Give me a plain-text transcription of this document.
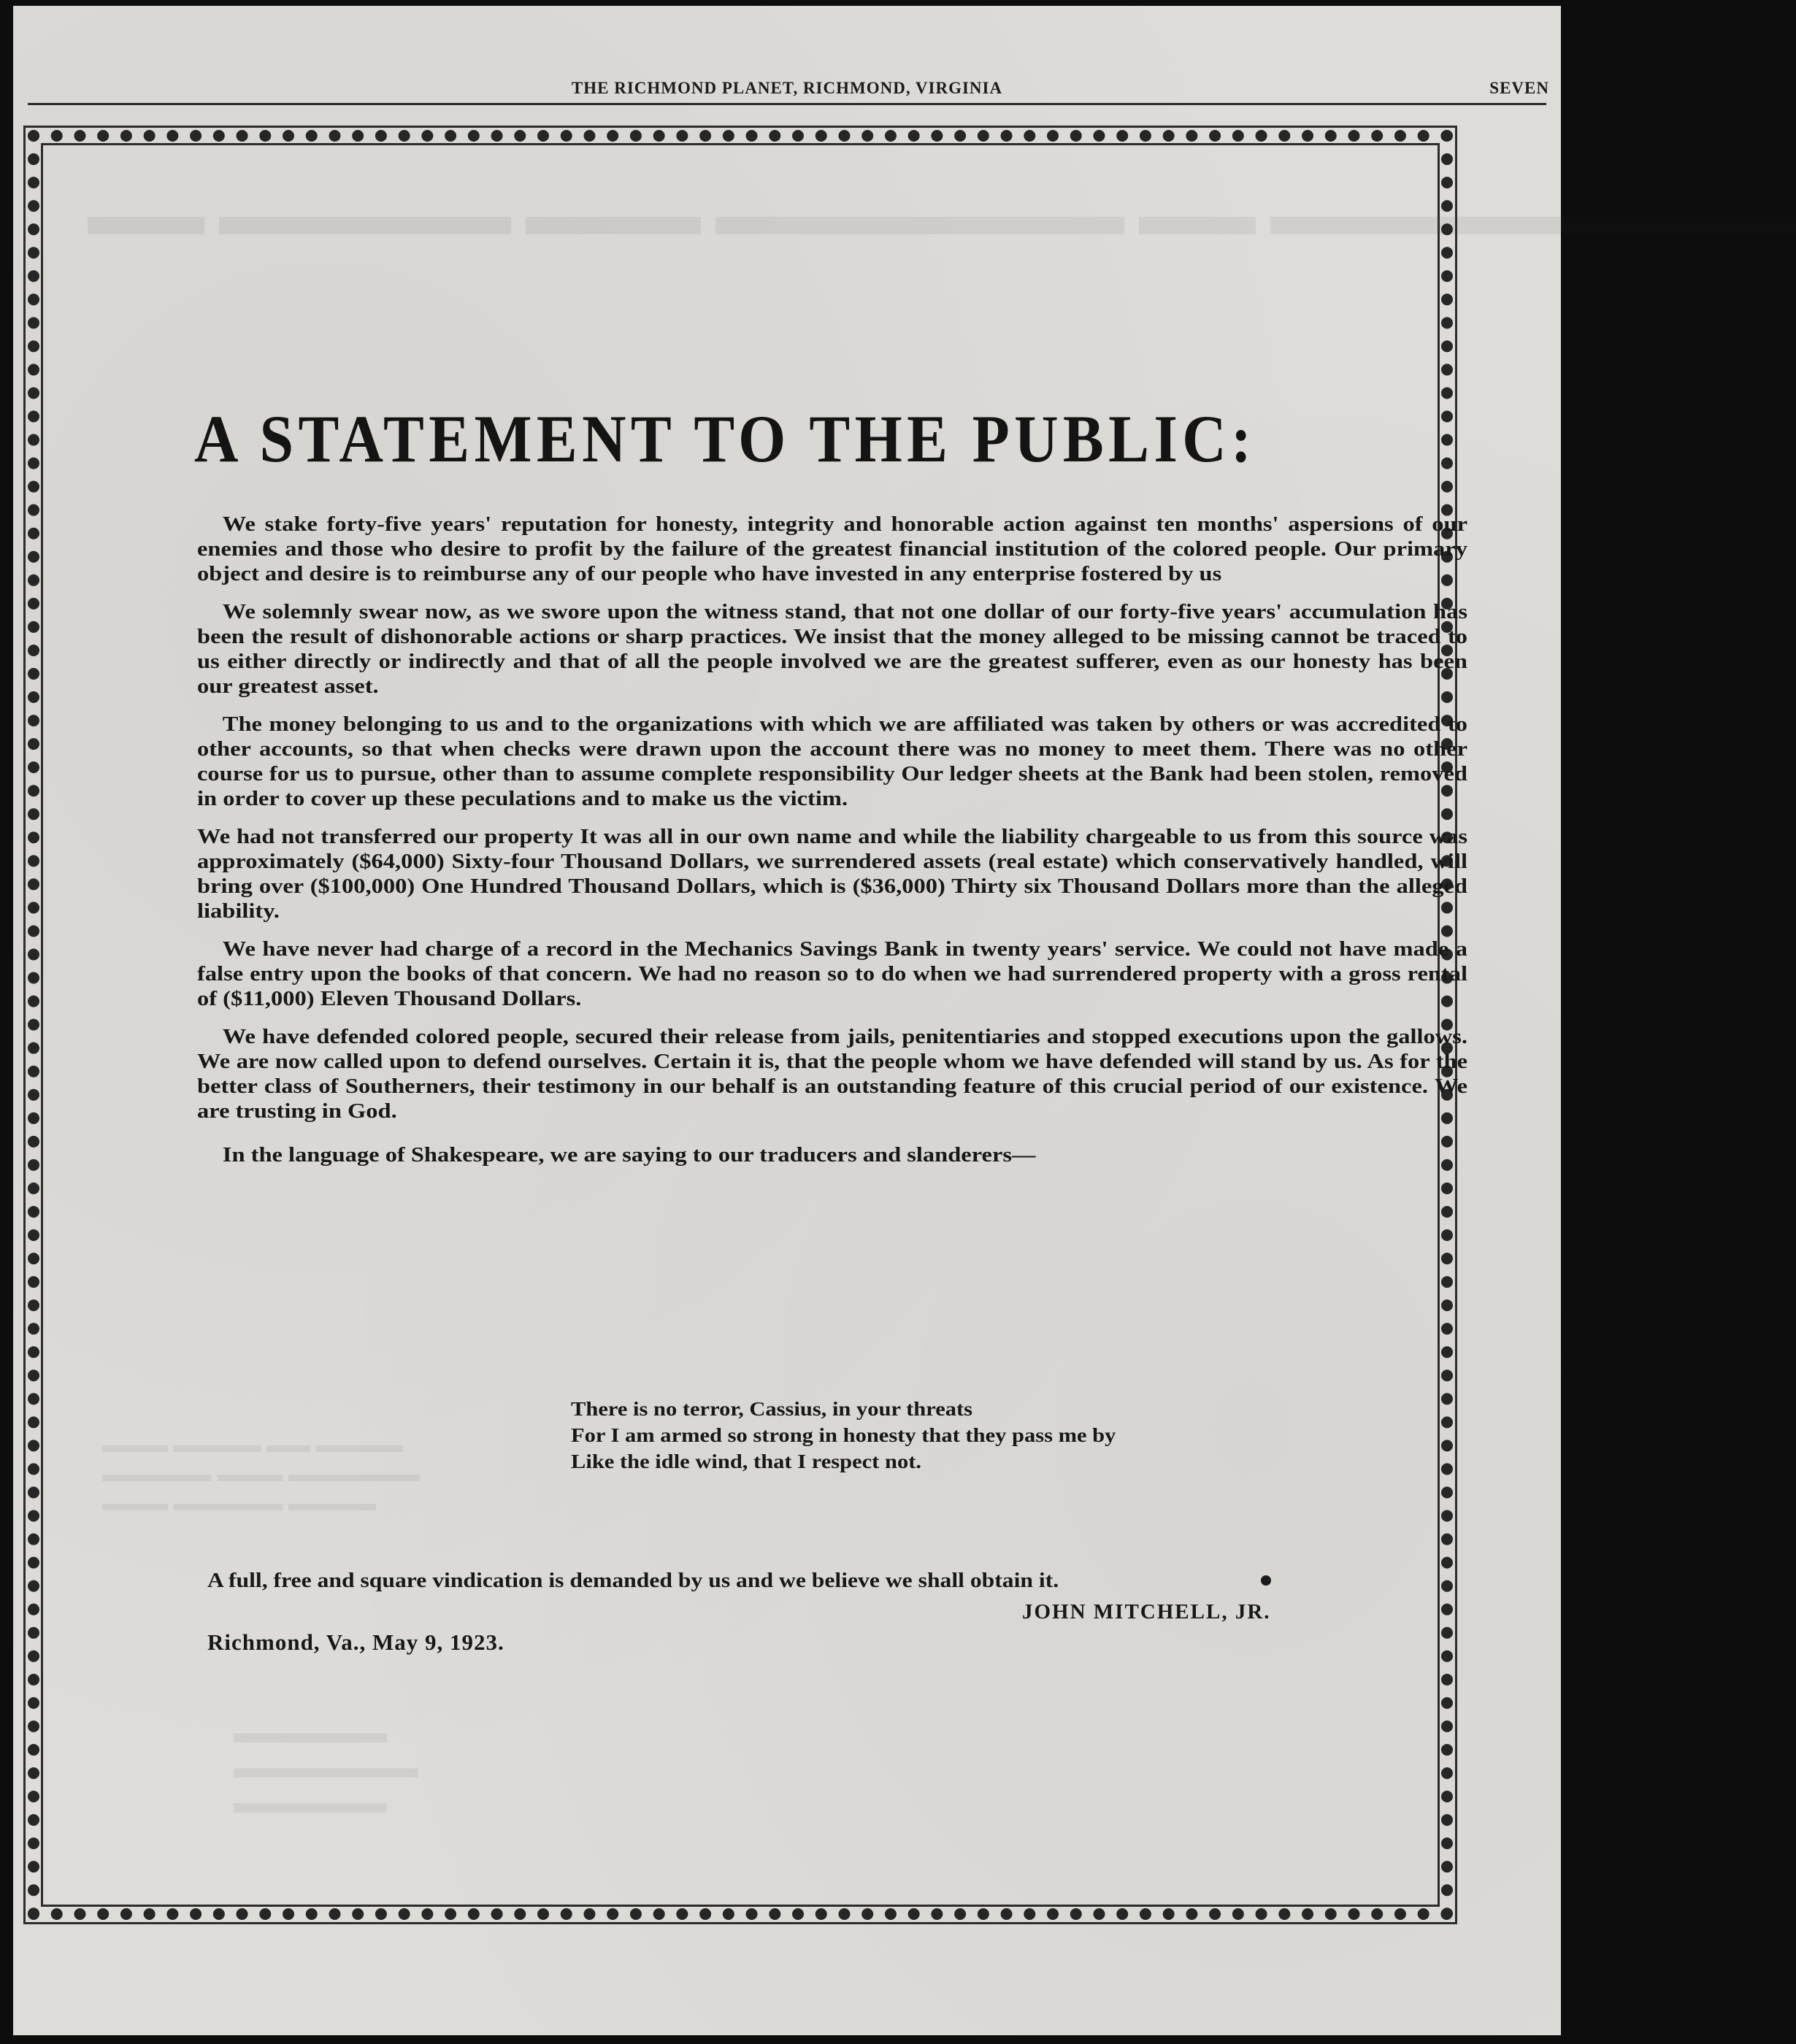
THE RICHMOND PLANET, RICHMOND, VIRGINIA	SEVEN
▬▬ ▬▬▬▬▬ ▬▬▬ ▬▬▬▬▬▬▬ ▬▬ ▬▬▬▬▬▬▬▬▬
▬▬▬ ▬▬▬▬ ▬▬ ▬▬▬▬
▬▬▬▬▬ ▬▬▬ ▬▬▬▬▬▬
▬▬▬ ▬▬▬▬▬ ▬▬▬▬
▬▬▬▬▬
▬▬▬▬▬▬
▬▬▬▬▬
A STATEMENT TO THE PUBLIC:

We stake forty-five years' reputation for honesty, integrity and honorable action against ten months' aspersions of our enemies and those who desire to profit by the failure of the greatest financial institution of the colored people. Our primary object and desire is to reimburse any of our people who have invested in any enterprise fostered by us

We solemnly swear now, as we swore upon the witness stand, that not one dollar of our forty-five years' accumulation has been the result of dishonorable actions or sharp practices. We insist that the money alleged to be missing cannot be traced to us either directly or indirectly and that of all the people involved we are the greatest sufferer, even as our honesty has been our greatest asset.

The money belonging to us and to the organizations with which we are affiliated was taken by others or was accredited to other accounts, so that when checks were drawn upon the account there was no money to meet them. There was no other course for us to pursue, other than to assume complete responsibility Our ledger sheets at the Bank had been stolen, removed in order to cover up these peculations and to make us the victim.

We had not transferred our property It was all in our own name and while the liability chargeable to us from this source was approximately ($64,000) Sixty-four Thousand Dollars, we surrendered assets (real estate) which conservatively handled, will bring over ($100,000) One Hundred Thousand Dollars, which is ($36,000) Thirty six Thousand Dollars more than the alleged liability.

We have never had charge of a record in the Mechanics Savings Bank in twenty years' service. We could not have made a false entry upon the books of that concern. We had no reason so to do when we had surrendered property with a gross rental of ($11,000) Eleven Thousand Dollars.

We have defended colored people, secured their release from jails, penitentiaries and stopped executions upon the gallows. We are now called upon to defend ourselves. Certain it is, that the people whom we have defended will stand by us. As for the better class of Southerners, their testimony in our behalf is an outstanding feature of this crucial period of our existence. We are trusting in God.

In the language of Shakespeare, we are saying to our traducers and slanderers—

There is no terror, Cassius, in your threats
For I am armed so strong in honesty that they pass me by
Like the idle wind, that I respect not.
A full, free and square vindication is demanded by us and we believe we shall obtain it.
JOHN MITCHELL, JR.
Richmond, Va., May 9, 1923.
